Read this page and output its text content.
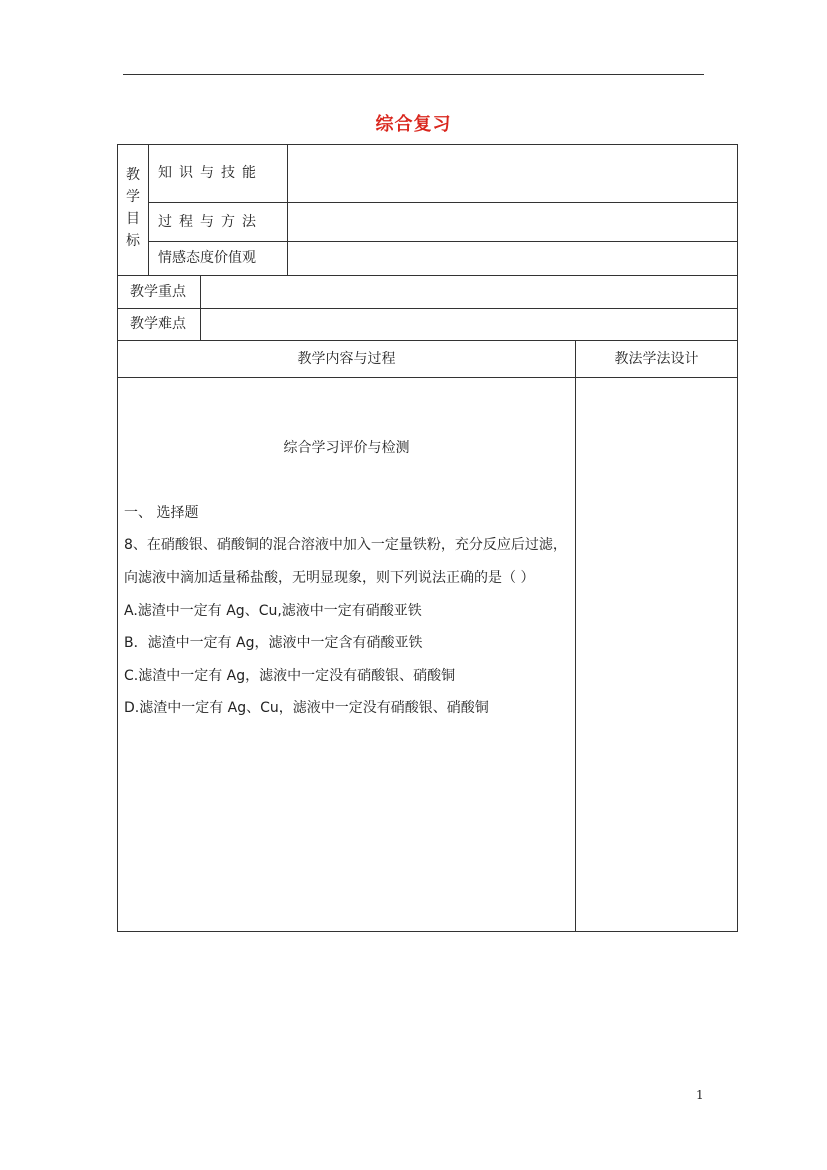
综合复习
教
学
目
标
知识与技能
过程与方法
情感态度价值观
教学重点
教学难点
教学内容与过程	教法学法设计
综合学习评价与检测
一、 选择题
8、在硝酸银、硝酸铜的混合溶液中加入一定量铁粉，充分反应后过滤，
向滤液中滴加适量稀盐酸，无明显现象，则下列说法正确的是（ ）
A.滤渣中一定有 Ag、Cu,滤液中一定有硝酸亚铁
B．滤渣中一定有 Ag，滤液中一定含有硝酸亚铁
C.滤渣中一定有 Ag，滤液中一定没有硝酸银、硝酸铜
D.滤渣中一定有 Ag、Cu，滤液中一定没有硝酸银、硝酸铜
1
